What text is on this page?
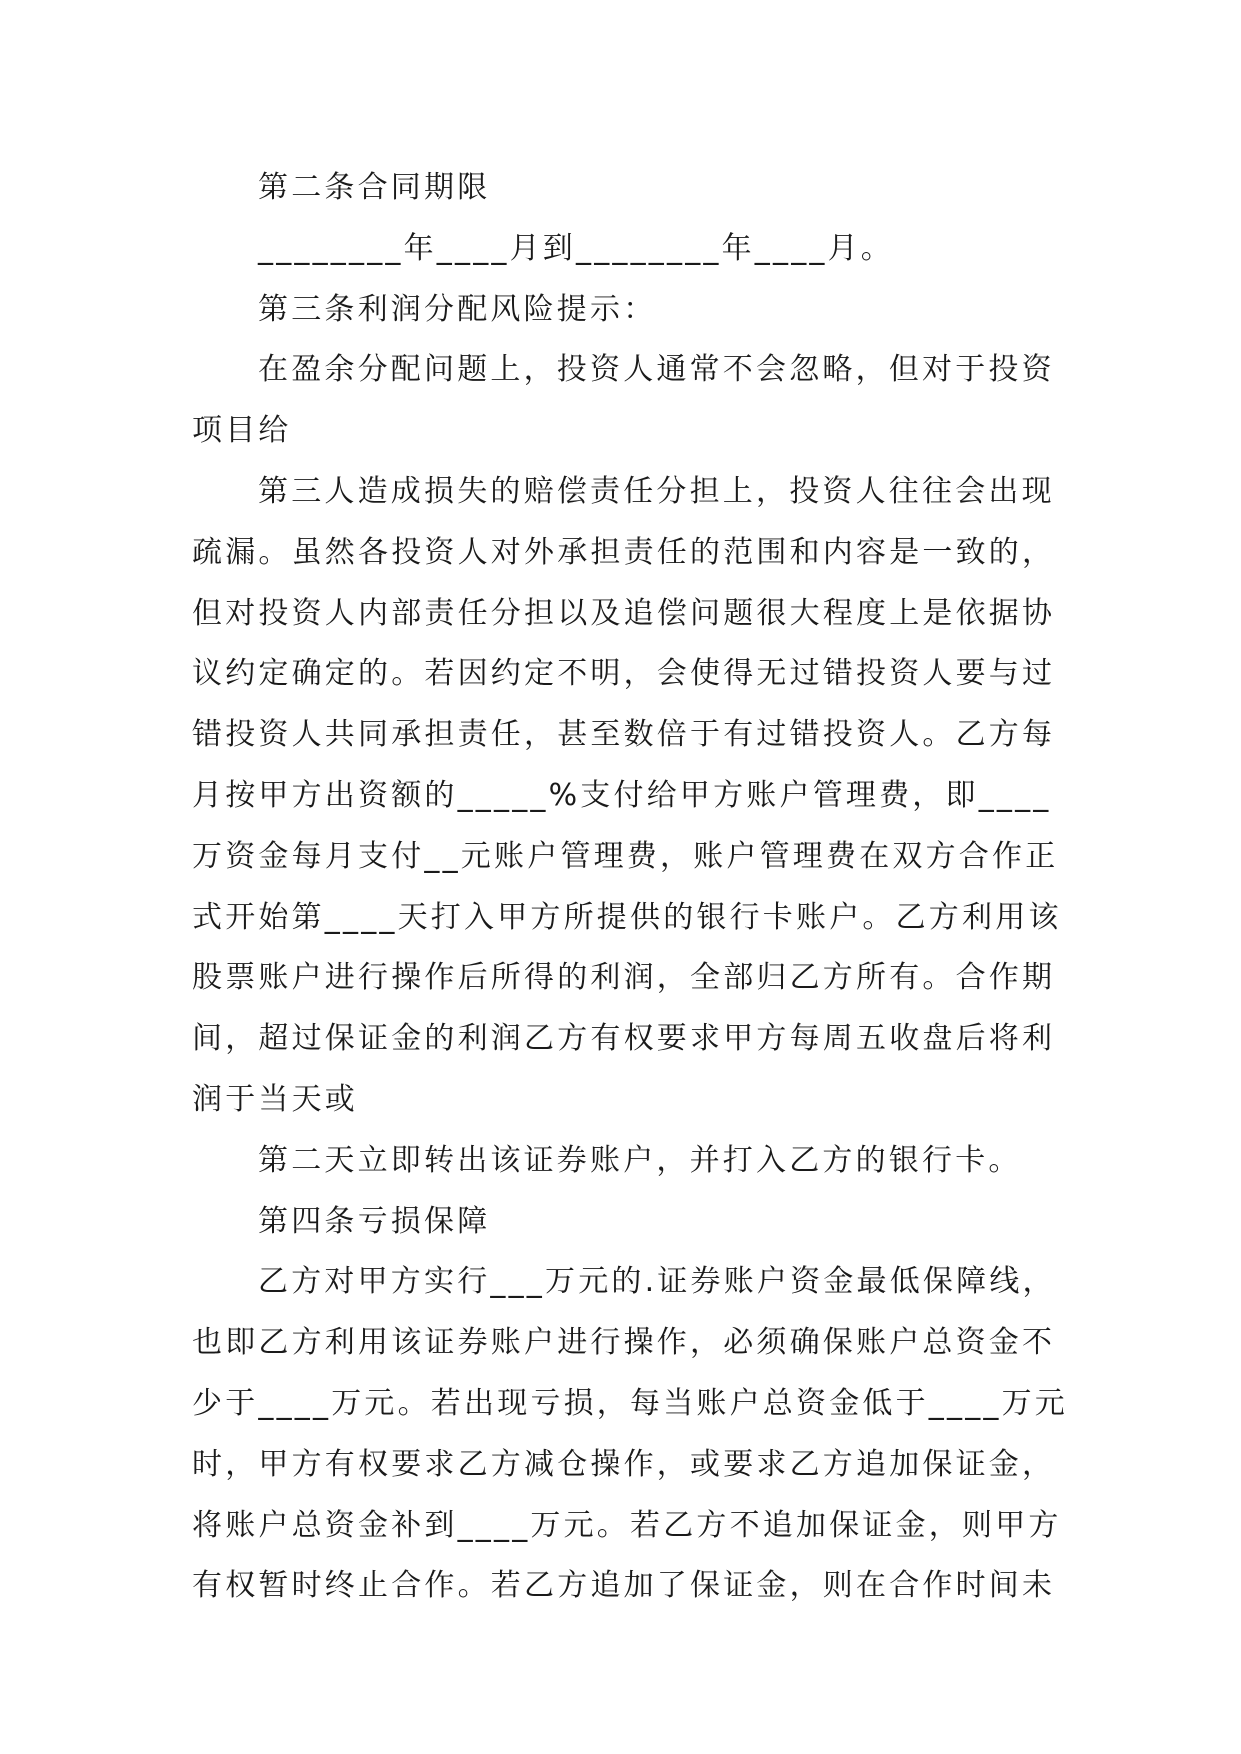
第二条合同期限

________年____月到________年____月。

第三条利润分配风险提示：

在盈余分配问题上，投资人通常不会忽略，但对于投资项目给

第三人造成损失的赔偿责任分担上，投资人往往会出现疏漏。虽然各投资人对外承担责任的范围和内容是一致的，但对投资人内部责任分担以及追偿问题很大程度上是依据协议约定确定的。若因约定不明，会使得无过错投资人要与过错投资人共同承担责任，甚至数倍于有过错投资人。乙方每月按甲方出资额的_____%支付给甲方账户管理费，即____万资金每月支付__元账户管理费，账户管理费在双方合作正式开始第____天打入甲方所提供的银行卡账户。乙方利用该股票账户进行操作后所得的利润，全部归乙方所有。合作期间，超过保证金的利润乙方有权要求甲方每周五收盘后将利润于当天或

第二天立即转出该证券账户，并打入乙方的银行卡。

第四条亏损保障

乙方对甲方实行___万元的.证券账户资金最低保障线，也即乙方利用该证券账户进行操作，必须确保账户总资金不少于____万元。若出现亏损，每当账户总资金低于____万元时，甲方有权要求乙方减仓操作，或要求乙方追加保证金，将账户总资金补到____万元。若乙方不追加保证金，则甲方有权暂时终止合作。若乙方追加了保证金，则在合作时间未
